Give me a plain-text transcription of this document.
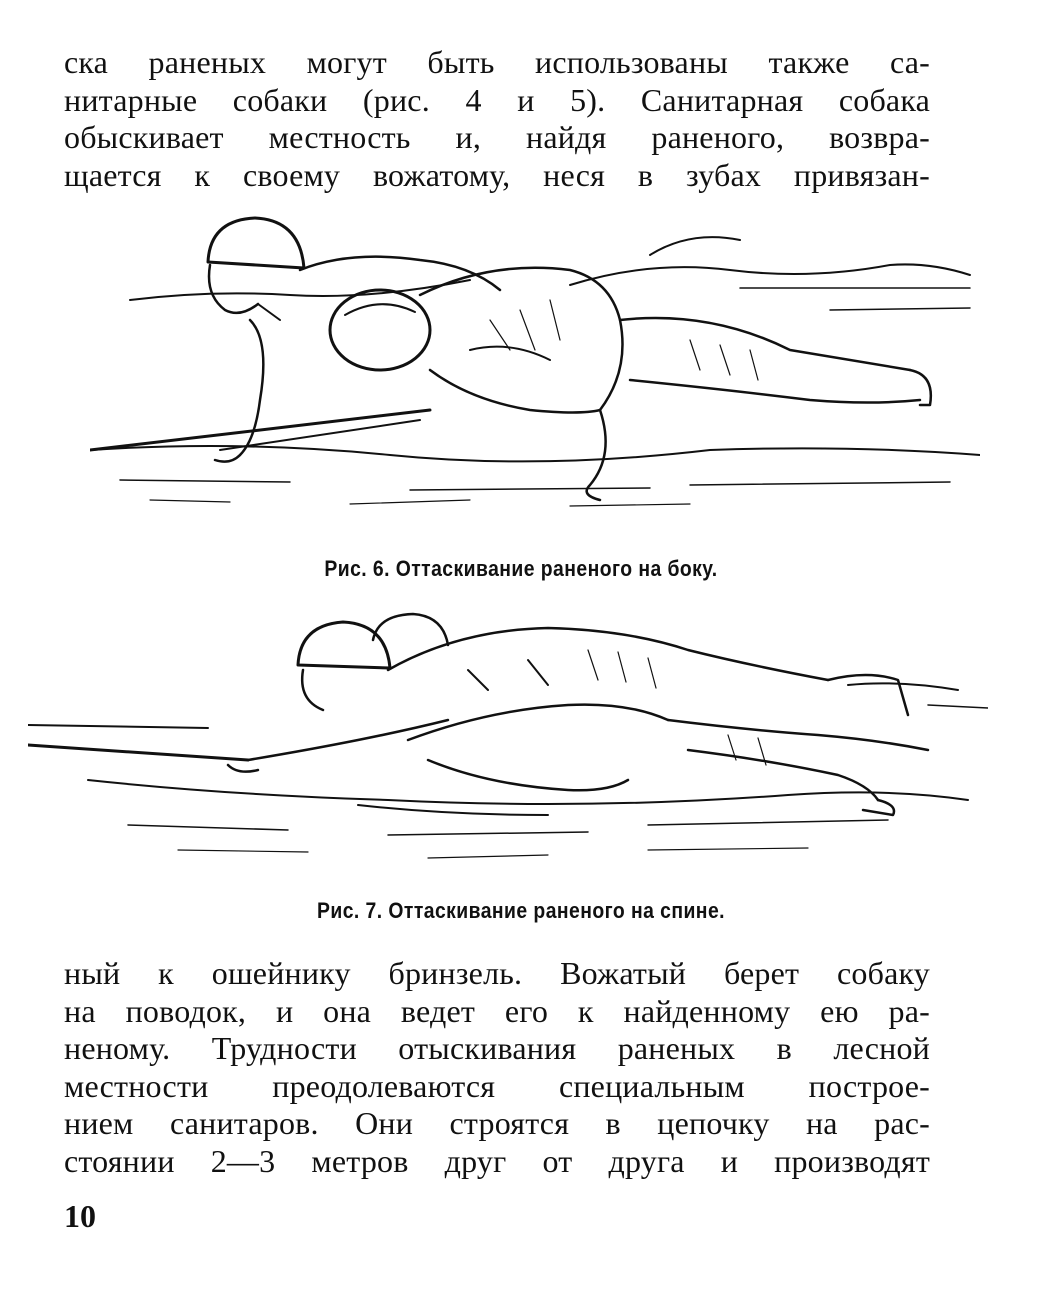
ска раненых могут быть использованы также са-
нитарные собаки (рис. 4 и 5). Санитарная собака
обыскивает местность и, найдя раненого, возвра-
щается к своему вожатому, неся в зубах привязан-
Рис. 6. Оттаскивание раненого на боку.
Рис. 7. Оттаскивание раненого на спине.
ный к ошейнику бринзель. Вожатый берет собаку
на поводок, и она ведет его к найденному ею ра-
неному. Трудности отыскивания раненых в лесной
местности преодолеваются специальным построе-
нием санитаров. Они строятся в цепочку на рас-
стоянии 2—3 метров друг от друга и производят
10
